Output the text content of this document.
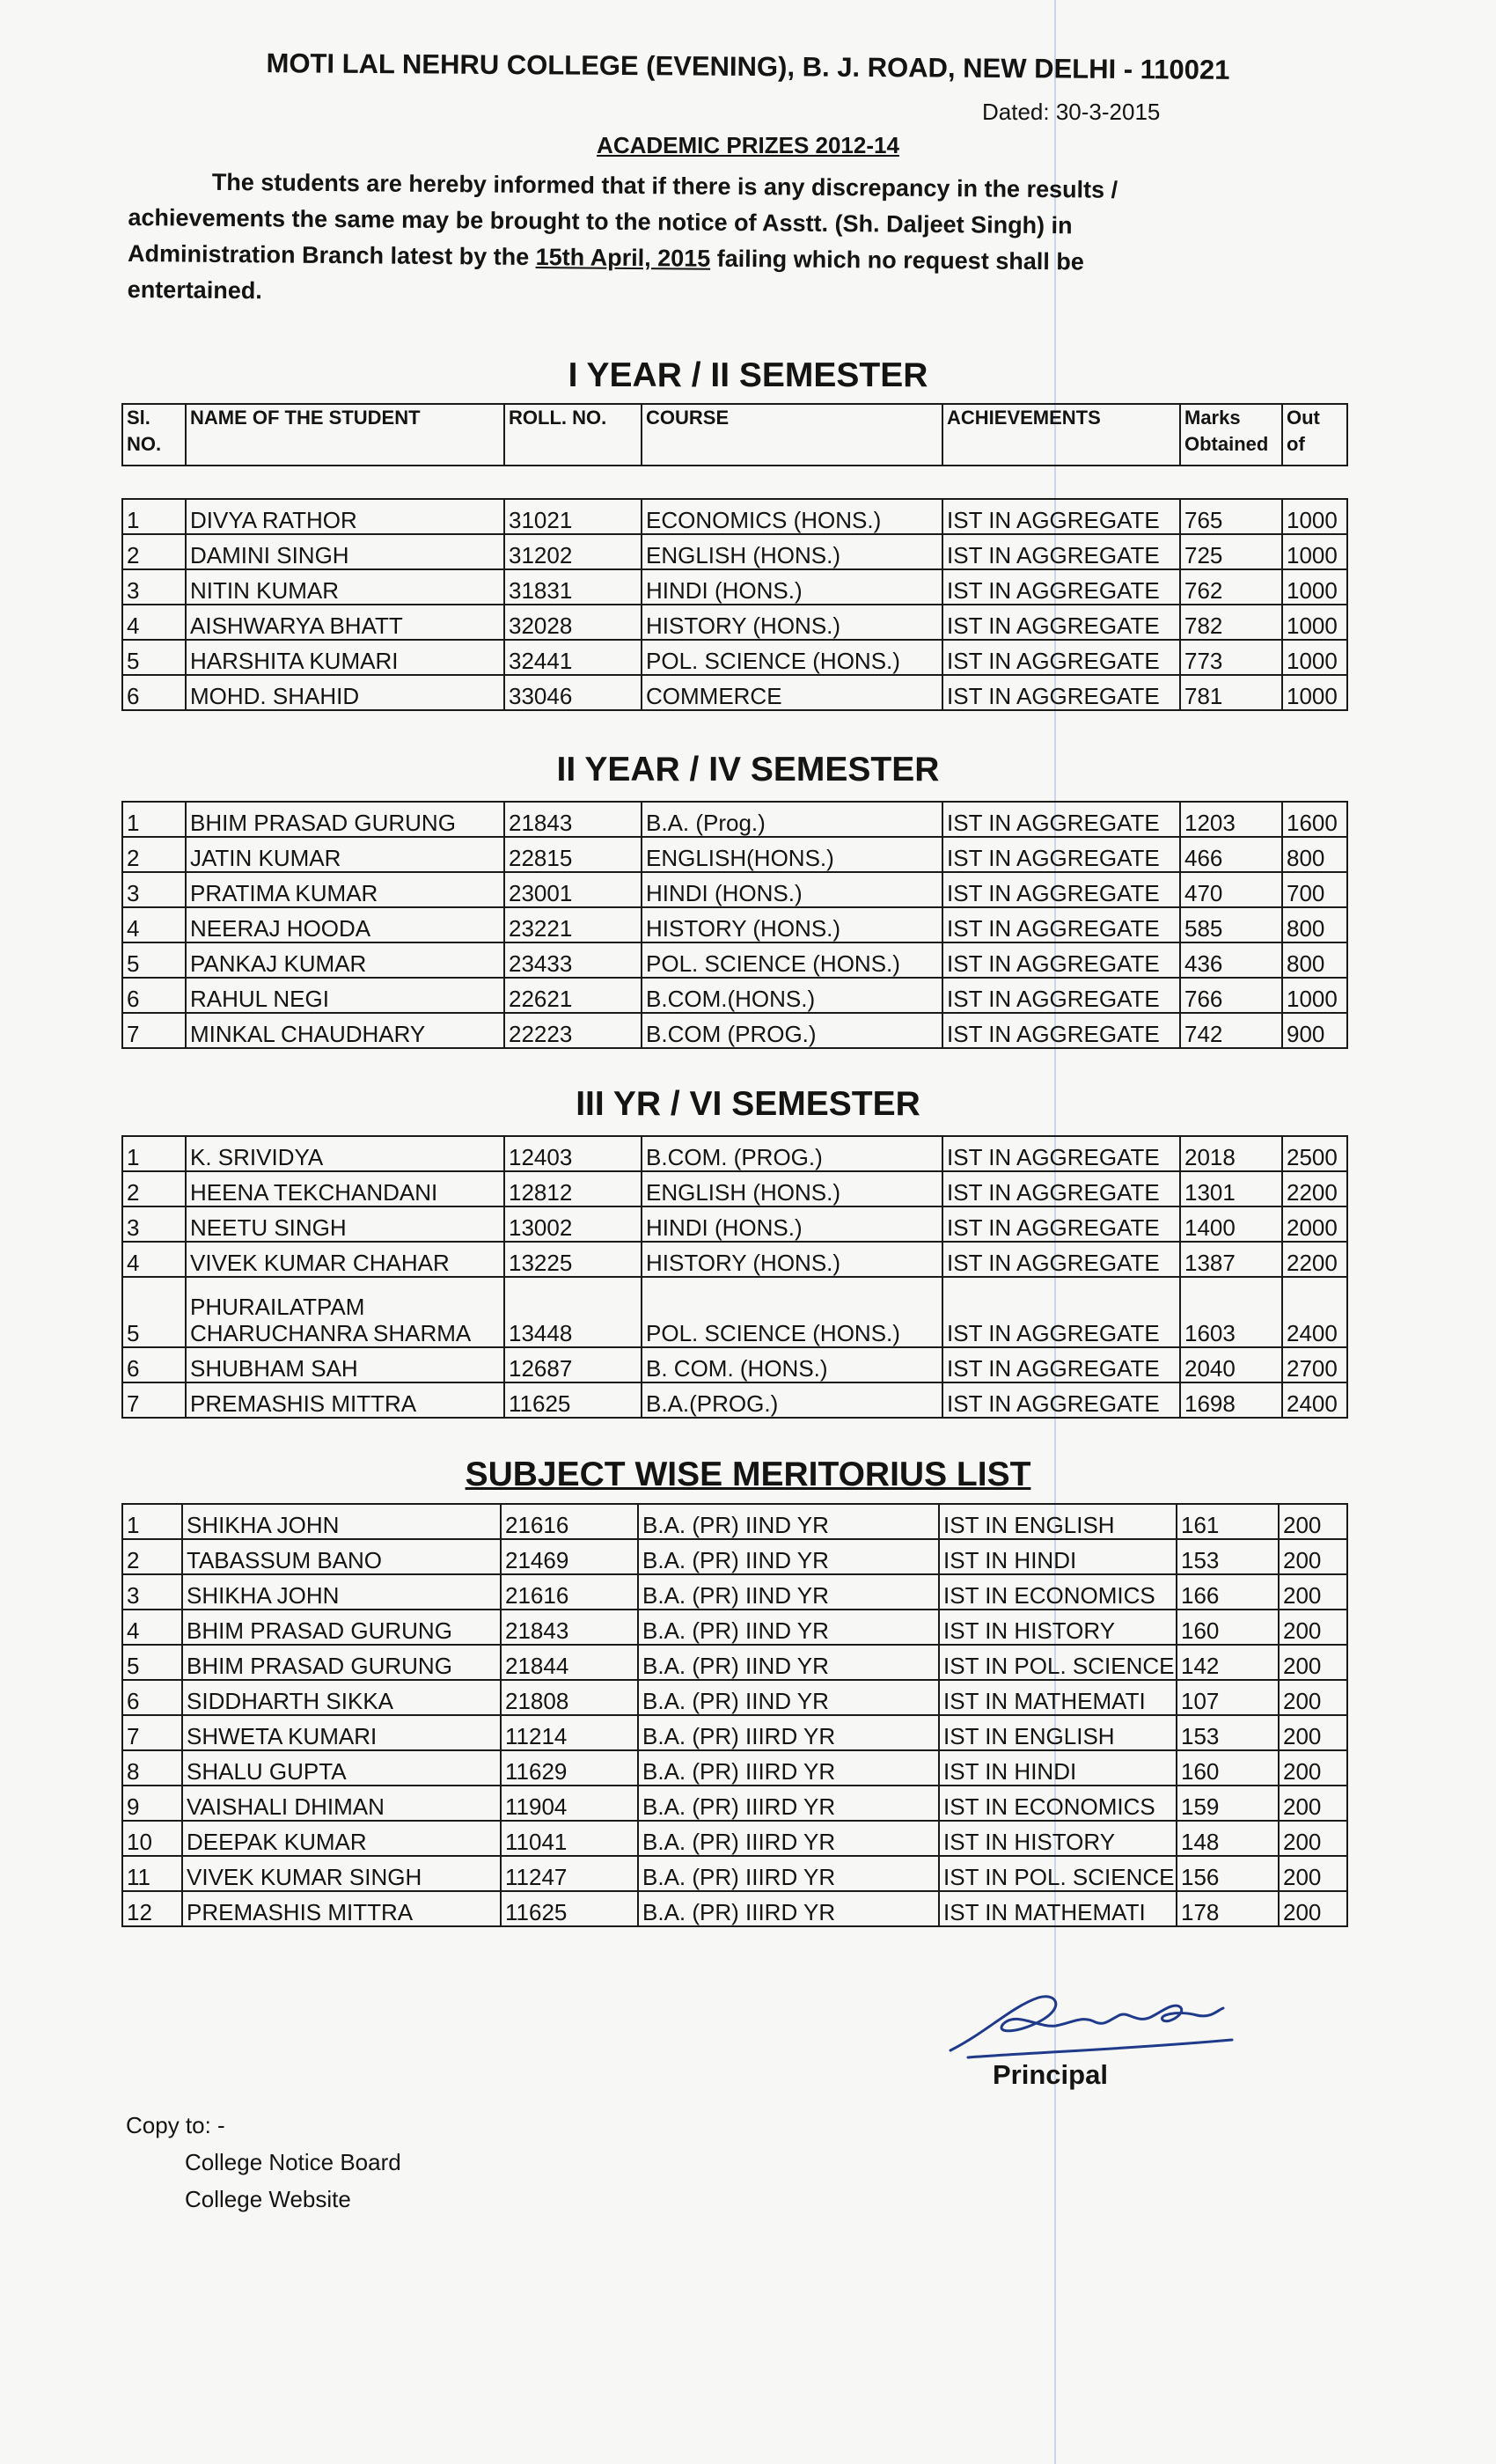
MOTI LAL NEHRU COLLEGE (EVENING), B. J. ROAD, NEW DELHI - 110021
Dated: 30-3-2015
ACADEMIC PRIZES 2012-14
The students are hereby informed that if there is any discrepancy in the results /
achievements the same may be brought to the notice of Asstt. (Sh. Daljeet Singh) in
Administration Branch latest by the 15th April, 2015 failing which no request shall be
entertained.
I YEAR / II SEMESTER
Sl. NO.	NAME OF THE STUDENT	ROLL. NO.	COURSE	ACHIEVEMENTS	Marks Obtained	Out of
1	DIVYA RATHOR	31021	ECONOMICS (HONS.)	IST IN AGGREGATE	765	1000
2	DAMINI SINGH	31202	ENGLISH (HONS.)	IST IN AGGREGATE	725	1000
3	NITIN KUMAR	31831	HINDI (HONS.)	IST IN AGGREGATE	762	1000
4	AISHWARYA BHATT	32028	HISTORY (HONS.)	IST IN AGGREGATE	782	1000
5	HARSHITA KUMARI	32441	POL. SCIENCE (HONS.)	IST IN AGGREGATE	773	1000
6	MOHD. SHAHID	33046	COMMERCE	IST IN AGGREGATE	781	1000
II YEAR / IV SEMESTER
1	BHIM PRASAD GURUNG	21843	B.A. (Prog.)	IST IN AGGREGATE	1203	1600
2	JATIN KUMAR	22815	ENGLISH(HONS.)	IST IN AGGREGATE	466	800
3	PRATIMA KUMAR	23001	HINDI (HONS.)	IST IN AGGREGATE	470	700
4	NEERAJ HOODA	23221	HISTORY (HONS.)	IST IN AGGREGATE	585	800
5	PANKAJ KUMAR	23433	POL. SCIENCE (HONS.)	IST IN AGGREGATE	436	800
6	RAHUL NEGI	22621	B.COM.(HONS.)	IST IN AGGREGATE	766	1000
7	MINKAL CHAUDHARY	22223	B.COM (PROG.)	IST IN AGGREGATE	742	900
III YR / VI SEMESTER
1	K. SRIVIDYA	12403	B.COM. (PROG.)	IST IN AGGREGATE	2018	2500
2	HEENA TEKCHANDANI	12812	ENGLISH (HONS.)	IST IN AGGREGATE	1301	2200
3	NEETU SINGH	13002	HINDI (HONS.)	IST IN AGGREGATE	1400	2000
4	VIVEK KUMAR CHAHAR	13225	HISTORY (HONS.)	IST IN AGGREGATE	1387	2200
5	PHURAILATPAM
CHARUCHANRA SHARMA	13448	POL. SCIENCE (HONS.)	IST IN AGGREGATE	1603	2400
6	SHUBHAM SAH	12687	B. COM. (HONS.)	IST IN AGGREGATE	2040	2700
7	PREMASHIS MITTRA	11625	B.A.(PROG.)	IST IN AGGREGATE	1698	2400
SUBJECT WISE MERITORIUS LIST
1	SHIKHA JOHN	21616	B.A. (PR) IIND YR	IST IN ENGLISH	161	200
2	TABASSUM BANO	21469	B.A. (PR) IIND YR	IST IN HINDI	153	200
3	SHIKHA JOHN	21616	B.A. (PR) IIND YR	IST IN ECONOMICS	166	200
4	BHIM PRASAD GURUNG	21843	B.A. (PR) IIND YR	IST IN HISTORY	160	200
5	BHIM PRASAD GURUNG	21844	B.A. (PR) IIND YR	IST IN POL. SCIENCE	142	200
6	SIDDHARTH SIKKA	21808	B.A. (PR) IIND YR	IST IN MATHEMATI	107	200
7	SHWETA KUMARI	11214	B.A. (PR) IIIRD YR	IST IN ENGLISH	153	200
8	SHALU GUPTA	11629	B.A. (PR) IIIRD YR	IST IN HINDI	160	200
9	VAISHALI DHIMAN	11904	B.A. (PR) IIIRD YR	IST IN ECONOMICS	159	200
10	DEEPAK KUMAR	11041	B.A. (PR) IIIRD YR	IST IN HISTORY	148	200
11	VIVEK KUMAR SINGH	11247	B.A. (PR) IIIRD YR	IST IN POL. SCIENCE	156	200
12	PREMASHIS MITTRA	11625	B.A. (PR) IIIRD YR	IST IN MATHEMATI	178	200
Principal
Copy to: -
College Notice Board
College Website
